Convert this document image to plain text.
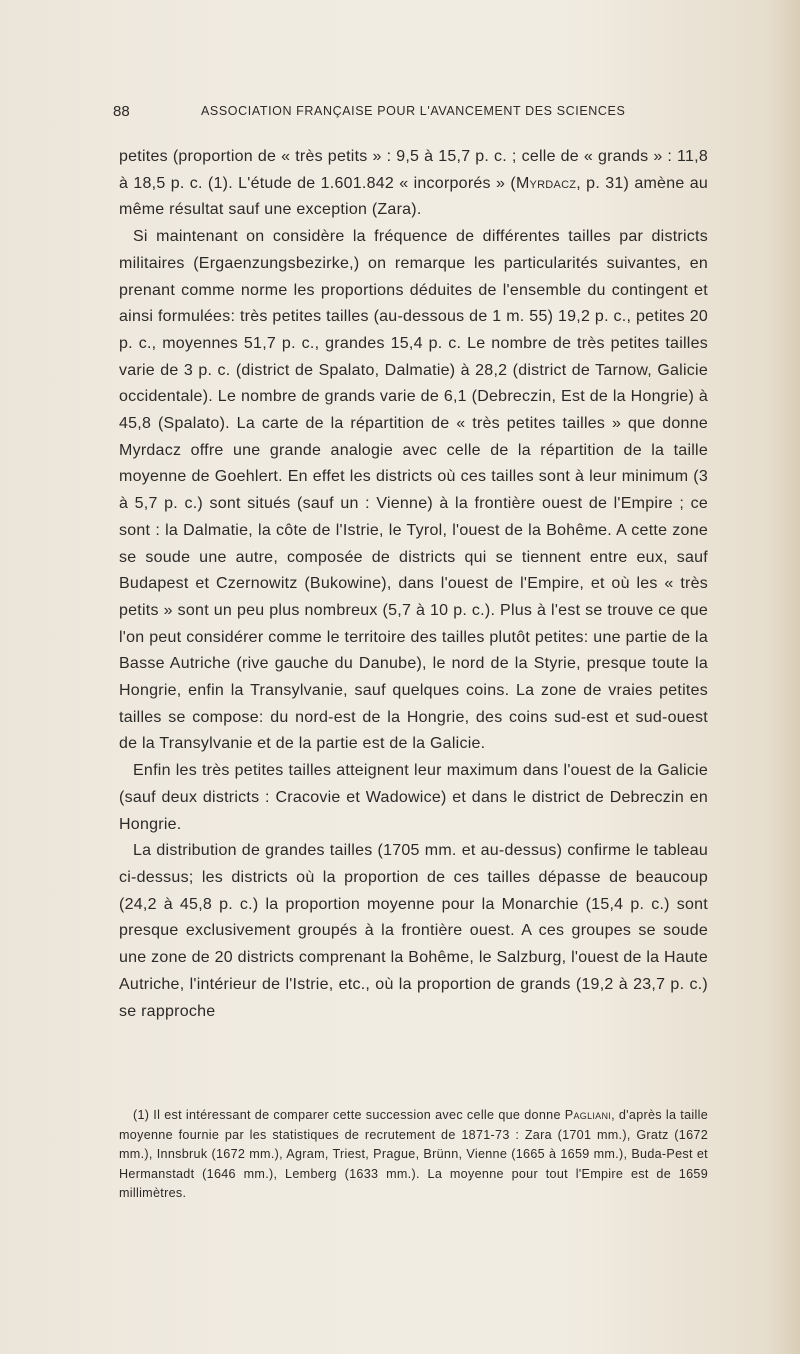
88	ASSOCIATION FRANÇAISE POUR L'AVANCEMENT DES SCIENCES

petites (proportion de « très petits » : 9,5 à 15,7 p. c. ; celle de « grands » : 11,8 à 18,5 p. c. (1). L'étude de 1.601.842 « incorporés » (Myrdacz, p. 31) amène au même résultat sauf une exception (Zara).

Si maintenant on considère la fréquence de différentes tailles par districts militaires (Ergaenzungsbezirke,) on remarque les particularités suivantes, en prenant comme norme les proportions déduites de l'ensemble du contingent et ainsi formulées: très petites tailles (au-dessous de 1 m. 55) 19,2 p. c., petites 20 p. c., moyennes 51,7 p. c., grandes 15,4 p. c. Le nombre de très petites tailles varie de 3 p. c. (district de Spalato, Dalmatie) à 28,2 (district de Tarnow, Galicie occidentale). Le nombre de grands varie de 6,1 (Debreczin, Est de la Hongrie) à 45,8 (Spalato). La carte de la répartition de « très petites tailles » que donne Myrdacz offre une grande analogie avec celle de la répartition de la taille moyenne de Goehlert. En effet les districts où ces tailles sont à leur minimum (3 à 5,7 p. c.) sont situés (sauf un : Vienne) à la frontière ouest de l'Empire ; ce sont : la Dalmatie, la côte de l'Istrie, le Tyrol, l'ouest de la Bohême. A cette zone se soude une autre, composée de districts qui se tiennent entre eux, sauf Budapest et Czernowitz (Bukowine), dans l'ouest de l'Empire, et où les « très petits » sont un peu plus nombreux (5,7 à 10 p. c.). Plus à l'est se trouve ce que l'on peut considérer comme le territoire des tailles plutôt petites: une partie de la Basse Autriche (rive gauche du Danube), le nord de la Styrie, presque toute la Hongrie, enfin la Transylvanie, sauf quelques coins. La zone de vraies petites tailles se compose: du nord-est de la Hongrie, des coins sud-est et sud-ouest de la Transylvanie et de la partie est de la Galicie.

Enfin les très petites tailles atteignent leur maximum dans l'ouest de la Galicie (sauf deux districts : Cracovie et Wadowice) et dans le district de Debreczin en Hongrie.

La distribution de grandes tailles (1705 mm. et au-dessus) confirme le tableau ci-dessus; les districts où la proportion de ces tailles dépasse de beaucoup (24,2 à 45,8 p. c.) la proportion moyenne pour la Monarchie (15,4 p. c.) sont presque exclusivement groupés à la frontière ouest. A ces groupes se soude une zone de 20 districts comprenant la Bohême, le Salzburg, l'ouest de la Haute Autriche, l'intérieur de l'Istrie, etc., où la proportion de grands (19,2 à 23,7 p. c.) se rapproche

(1) Il est intéressant de comparer cette succession avec celle que donne Pagliani, d'après la taille moyenne fournie par les statistiques de recrutement de 1871-73 : Zara (1701 mm.), Gratz (1672 mm.), Innsbruk (1672 mm.), Agram, Triest, Prague, Brünn, Vienne (1665 à 1659 mm.), Buda-Pest et Hermanstadt (1646 mm.), Lemberg (1633 mm.). La moyenne pour tout l'Empire est de 1659 millimètres.
